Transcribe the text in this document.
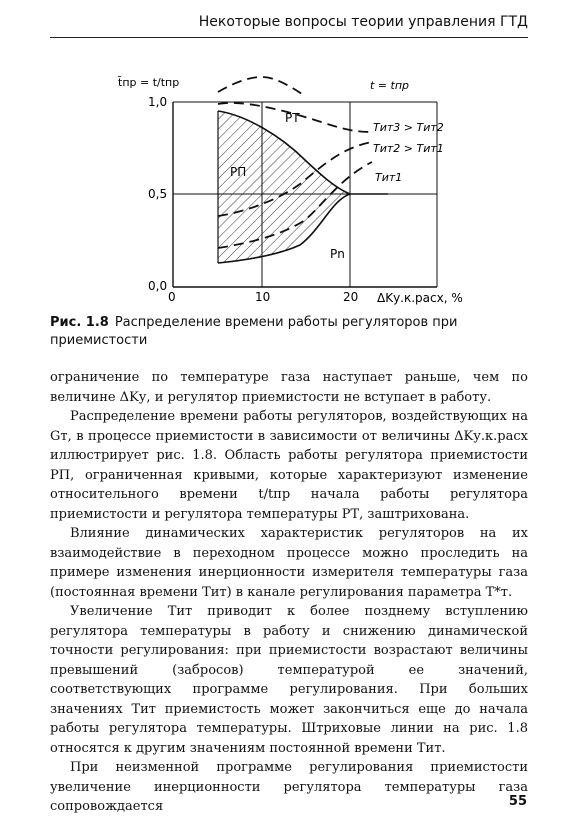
Некоторые вопросы теории управления ГТД
t̄пр = t/tпр
1,0
0,5
0,0
0	10	20 ΔKу.к.расх, %
t = tпр
РТ
РП
Рn
Tит3 > Tит2
Tит2 > Tит1
Tит1
Рис. 1.8 Распределение времени работы регуляторов при приемистости

ограничение по температуре газа наступает раньше, чем по величине ΔKу, и регулятор приемистости не вступает в работу.

Распределение времени работы регуляторов, воздействующих на Gт, в процессе приемистости в зависимости от величины ΔKу.к.расх иллюстрирует рис. 1.8. Область работы регулятора приемистости РП, ограниченная кривыми, которые характеризуют изменение относительного времени t/tпр начала работы регулятора приемистости и регулятора температуры РТ, заштрихована.

Влияние динамических характеристик регуляторов на их взаимодействие в переходном процессе можно проследить на примере изменения инерционности измерителя температуры газа (постоянная времени Tит) в канале регулирования параметра T*т.

Увеличение Tит приводит к более позднему вступлению регулятора температуры в работу и снижению динамической точности регулирования: при приемистости возрастают величины превышений (забросов) температурой ее значений, соответствующих программе регулирования. При больших значениях Tит приемистость может закончиться еще до начала работы регулятора температуры. Штриховые линии на рис. 1.8 относятся к другим значениям постоянной времени Tит.

При неизменной программе регулирования приемистости увеличение инерционности регулятора температуры газа сопровождается	55
